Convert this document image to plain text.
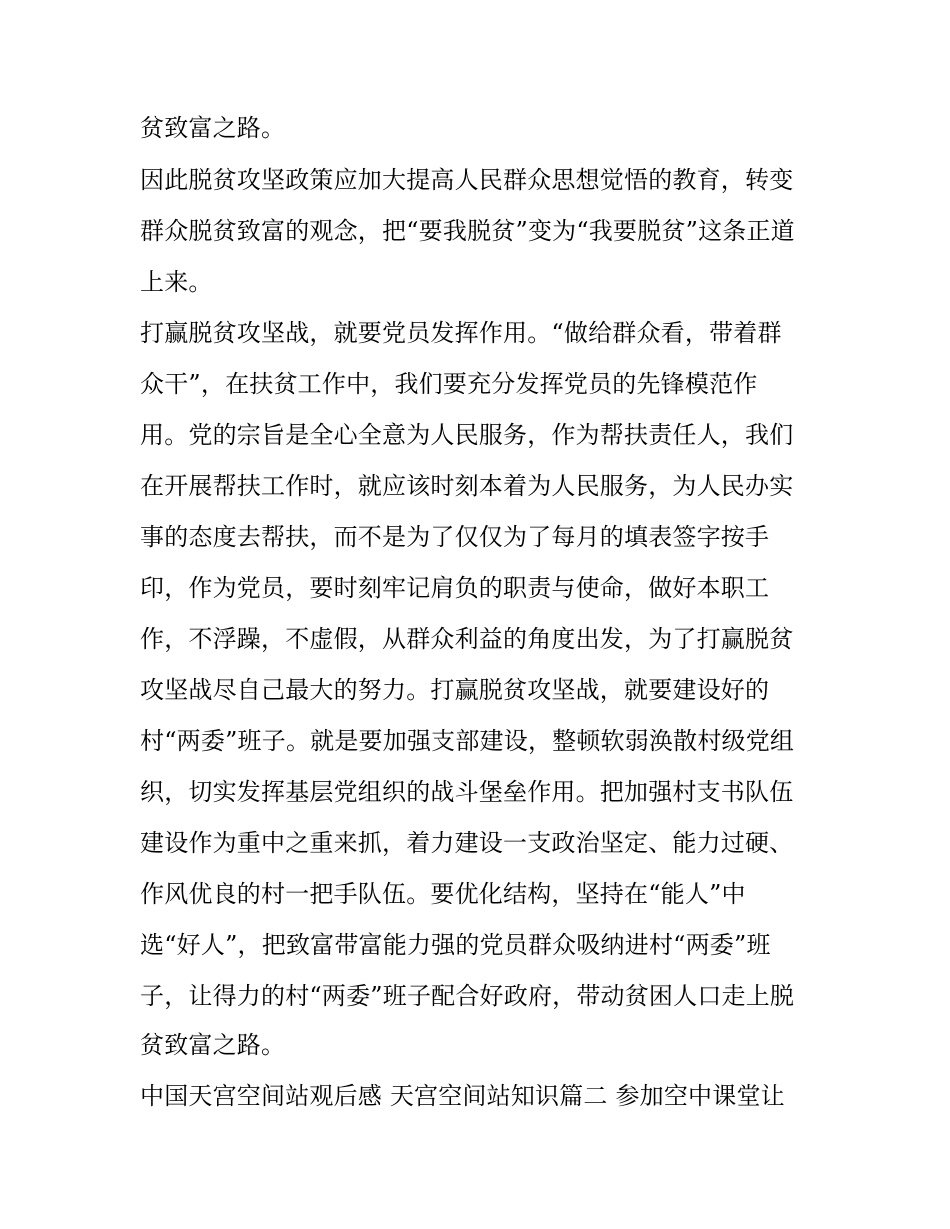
贫致富之路。
因此脱贫攻坚政策应加大提高人民群众思想觉悟的教育，转变
群众脱贫致富的观念，把“要我脱贫”变为“我要脱贫”这条正道
上来。
打赢脱贫攻坚战，就要党员发挥作用。“做给群众看，带着群
众干”，在扶贫工作中，我们要充分发挥党员的先锋模范作
用。党的宗旨是全心全意为人民服务，作为帮扶责任人，我们
在开展帮扶工作时，就应该时刻本着为人民服务，为人民办实
事的态度去帮扶，而不是为了仅仅为了每月的填表签字按手
印，作为党员，要时刻牢记肩负的职责与使命，做好本职工
作，不浮躁，不虚假，从群众利益的角度出发，为了打赢脱贫
攻坚战尽自己最大的努力。打赢脱贫攻坚战，就要建设好的
村“两委”班子。就是要加强支部建设，整顿软弱涣散村级党组
织，切实发挥基层党组织的战斗堡垒作用。把加强村支书队伍
建设作为重中之重来抓，着力建设一支政治坚定、能力过硬、
作风优良的村一把手队伍。要优化结构，坚持在“能人”中
选“好人”，把致富带富能力强的党员群众吸纳进村“两委”班
子，让得力的村“两委”班子配合好政府，带动贫困人口走上脱
贫致富之路。
中国天宫空间站观后感 天宫空间站知识篇二 参加空中课堂让
